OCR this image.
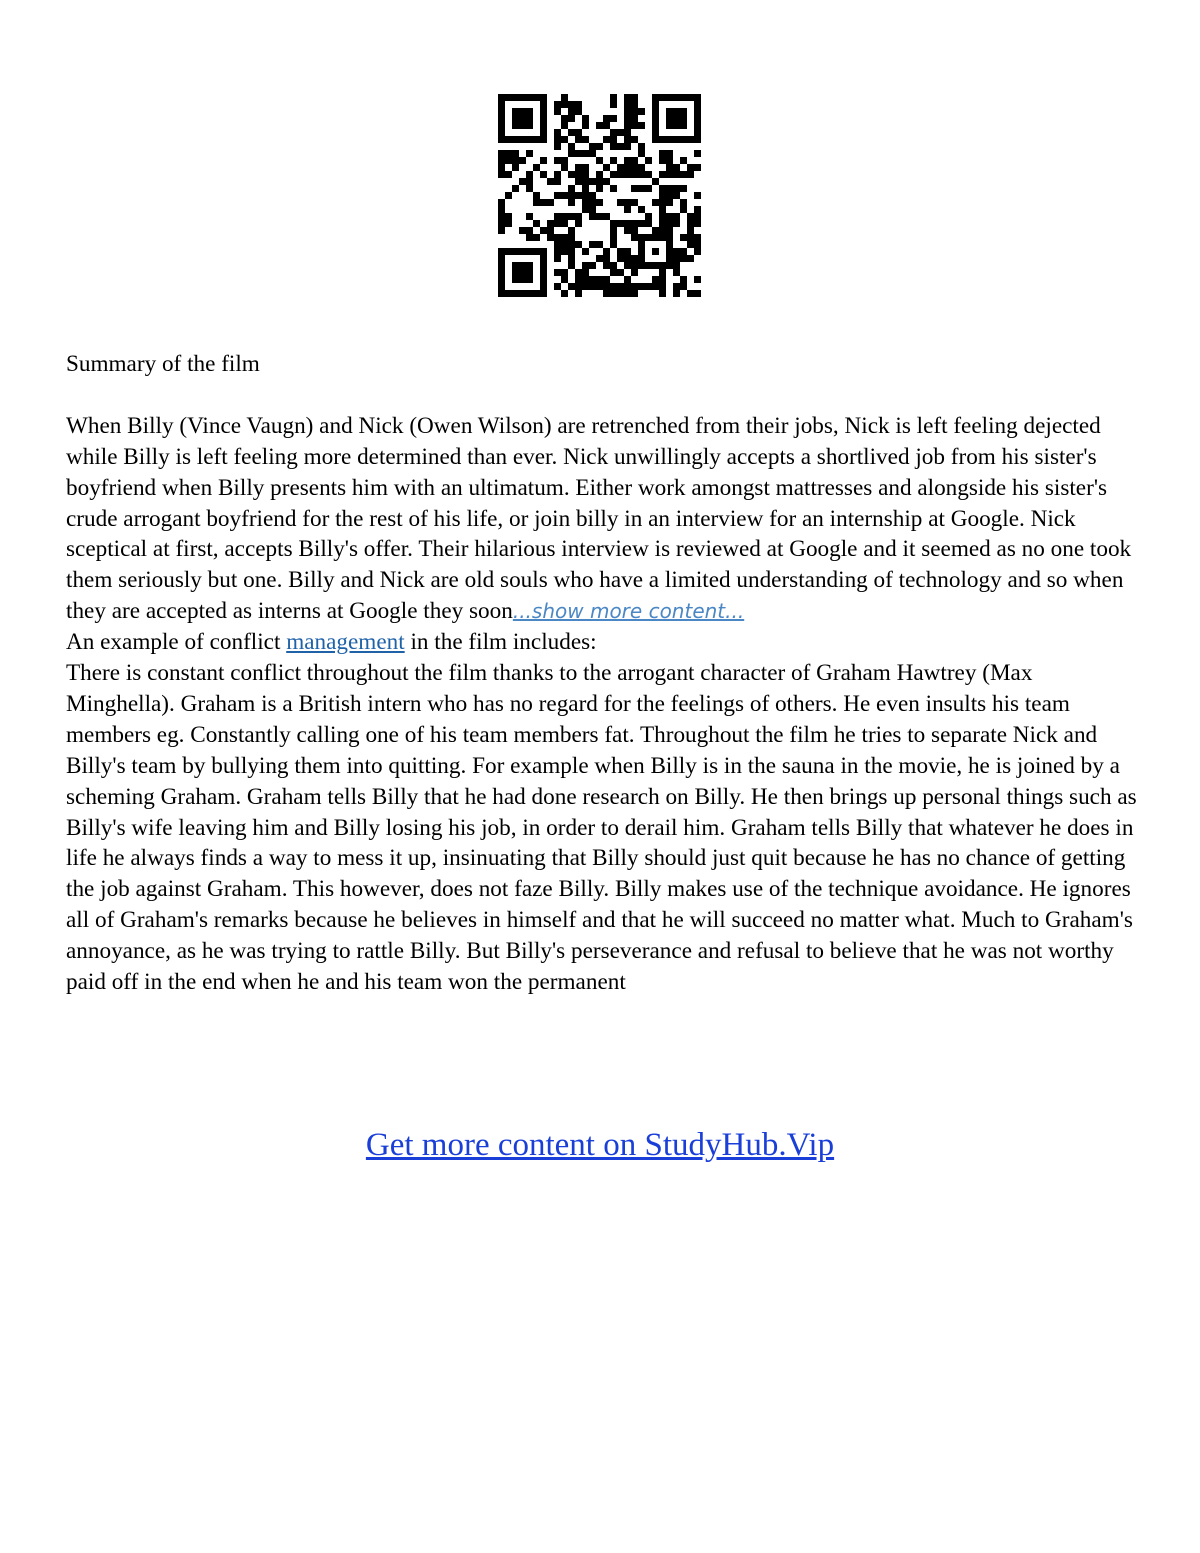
Summary of the film

When Billy (Vince Vaugn) and Nick (Owen Wilson) are retrenched from their jobs, Nick is left feeling dejected while Billy is left feeling more determined than ever. Nick unwillingly accepts a shortlived job from his sister's boyfriend when Billy presents him with an ultimatum. Either work amongst mattresses and alongside his sister's crude arrogant boyfriend for the rest of his life, or join billy in an interview for an internship at Google. Nick sceptical at first, accepts Billy's offer. Their hilarious interview is reviewed at Google and it seemed as no one took them seriously but one. Billy and Nick are old souls who have a limited understanding of technology and so when they are accepted as interns at Google they soon...show more content...

An example of conflict management in the film includes:

There is constant conflict throughout the film thanks to the arrogant character of Graham Hawtrey (Max Minghella). Graham is a British intern who has no regard for the feelings of others. He even insults his team members eg. Constantly calling one of his team members fat. Throughout the film he tries to separate Nick and Billy's team by bullying them into quitting. For example when Billy is in the sauna in the movie, he is joined by a scheming Graham. Graham tells Billy that he had done research on Billy. He then brings up personal things such as Billy's wife leaving him and Billy losing his job, in order to derail him. Graham tells Billy that whatever he does in life he always finds a way to mess it up, insinuating that Billy should just quit because he has no chance of getting the job against Graham. This however, does not faze Billy. Billy makes use of the technique avoidance. He ignores all of Graham's remarks because he believes in himself and that he will succeed no matter what. Much to Graham's annoyance, as he was trying to rattle Billy. But Billy's perseverance and refusal to believe that he was not worthy paid off in the end when he and his team won the permanent

Get more content on StudyHub.Vip
